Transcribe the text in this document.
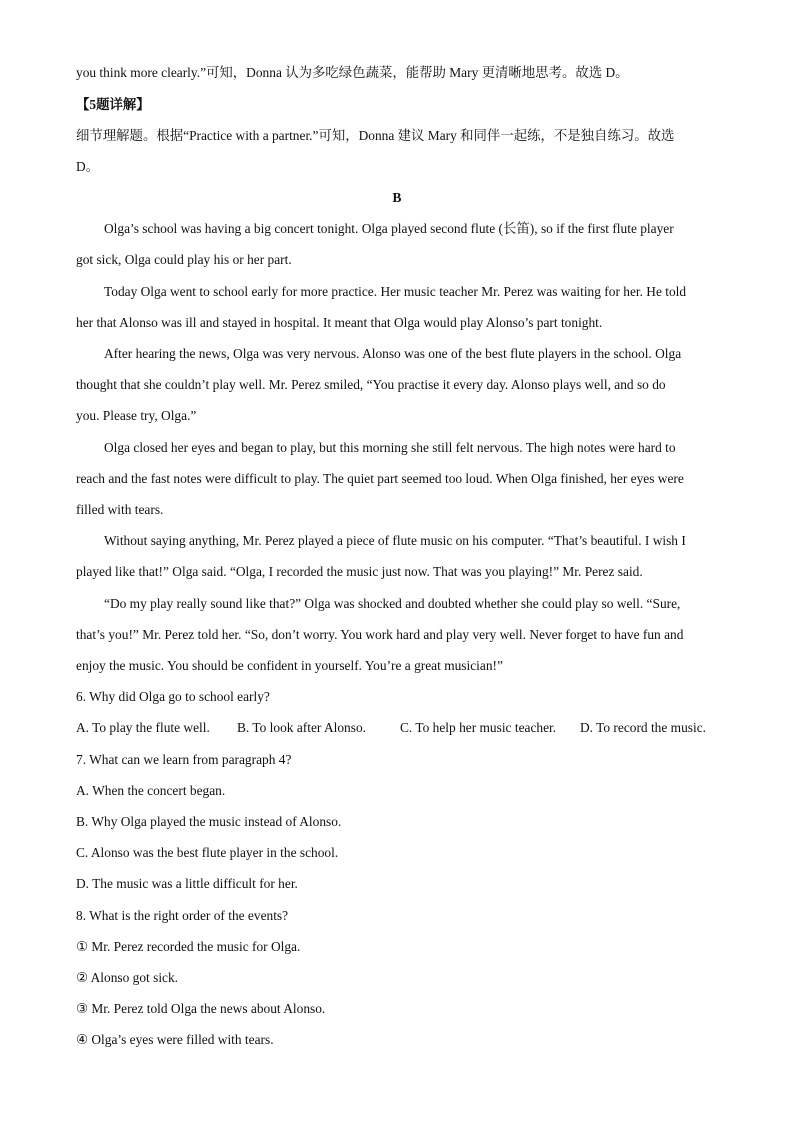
you think more clearly.”可知，Donna 认为多吃绿色蔬菜，能帮助 Mary 更清晰地思考。故选 D。
【5题详解】
细节理解题。根据“Practice with a partner.”可知，Donna 建议 Mary 和同伴一起练，不是独自练习。故选
D。
B
Olga’s school was having a big concert tonight. Olga played second flute (长笛), so if the first flute player
got sick, Olga could play his or her part.
Today Olga went to school early for more practice. Her music teacher Mr. Perez was waiting for her. He told
her that Alonso was ill and stayed in hospital. It meant that Olga would play Alonso’s part tonight.
After hearing the news, Olga was very nervous. Alonso was one of the best flute players in the school. Olga
thought that she couldn’t play well. Mr. Perez smiled, “You practise it every day. Alonso plays well, and so do
you. Please try, Olga.”
Olga closed her eyes and began to play, but this morning she still felt nervous. The high notes were hard to
reach and the fast notes were difficult to play. The quiet part seemed too loud. When Olga finished, her eyes were
filled with tears.
Without saying anything, Mr. Perez played a piece of flute music on his computer. “That’s beautiful. I wish I
played like that!” Olga said. “Olga, I recorded the music just now. That was you playing!” Mr. Perez said.
“Do my play really sound like that?” Olga was shocked and doubted whether she could play so well. “Sure,
that’s you!” Mr. Perez told her. “So, don’t worry. You work hard and play very well. Never forget to have fun and
enjoy the music. You should be confident in yourself. You’re a great musician!”
6. Why did Olga go to school early?
A. To play the flute well. B. To look after Alonso.	C. To help her music teacher. D. To record the music.
7. What can we learn from paragraph 4?
A. When the concert began.
B. Why Olga played the music instead of Alonso.
C. Alonso was the best flute player in the school.
D. The music was a little difficult for her.
8. What is the right order of the events?
① Mr. Perez recorded the music for Olga.
② Alonso got sick.
③ Mr. Perez told Olga the news about Alonso.
④ Olga’s eyes were filled with tears.
